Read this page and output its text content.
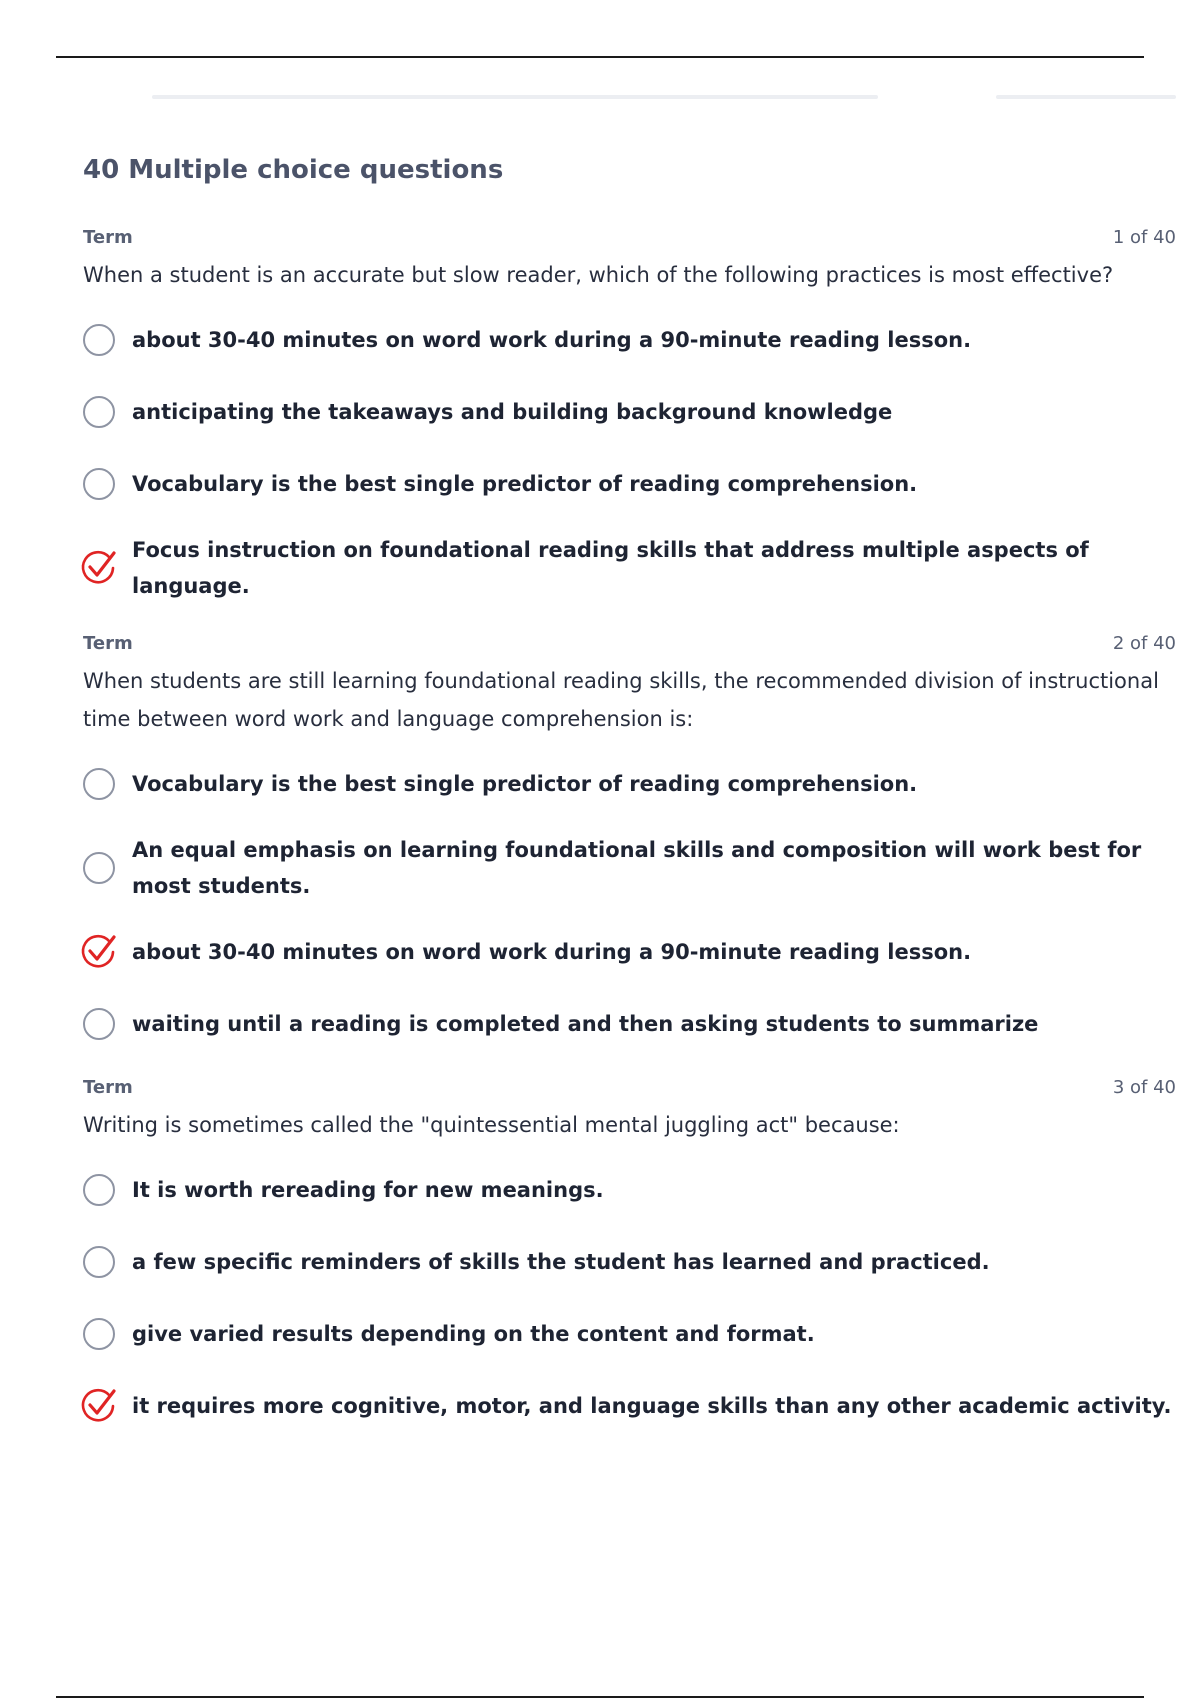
40 Multiple choice questions
Term	1 of 40
When a student is an accurate but slow reader, which of the following practices is most effective?
about 30-40 minutes on word work during a 90-minute reading lesson.
anticipating the takeaways and building background knowledge
Vocabulary is the best single predictor of reading comprehension.
Focus instruction on foundational reading skills that address multiple aspects of language.
Term	2 of 40
When students are still learning foundational reading skills, the recommended division of instructional time between word work and language comprehension is:
Vocabulary is the best single predictor of reading comprehension.
An equal emphasis on learning foundational skills and composition will work best for most students.
about 30-40 minutes on word work during a 90-minute reading lesson.
waiting until a reading is completed and then asking students to summarize
Term	3 of 40
Writing is sometimes called the "quintessential mental juggling act" because:
It is worth rereading for new meanings.
a few specific reminders of skills the student has learned and practiced.
give varied results depending on the content and format.
it requires more cognitive, motor, and language skills than any other academic activity.
